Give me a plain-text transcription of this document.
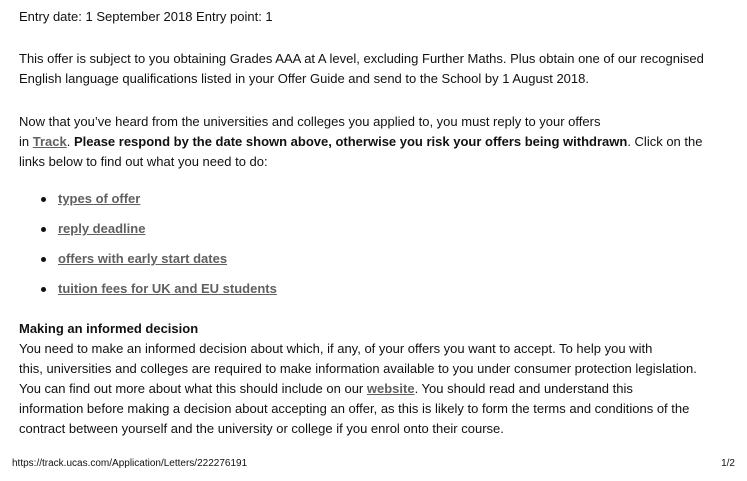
Entry date: 1 September 2018 Entry point: 1
This offer is subject to you obtaining Grades AAA at A level, excluding Further Maths. Plus obtain one of our recognised
English language qualifications listed in your Offer Guide and send to the School by 1 August 2018.
Now that you’ve heard from the universities and colleges you applied to, you must reply to your offers
in Track. Please respond by the date shown above, otherwise you risk your offers being withdrawn. Click on the
links below to find out what you need to do:
types of offer
reply deadline
offers with early start dates
tuition fees for UK and EU students
Making an informed decision
You need to make an informed decision about which, if any, of your offers you want to accept. To help you with
this, universities and colleges are required to make information available to you under consumer protection legislation.
You can find out more about what this should include on our website. You should read and understand this
information before making a decision about accepting an offer, as this is likely to form the terms and conditions of the
contract between yourself and the university or college if you enrol onto their course.
https://track.ucas.com/Application/Letters/222276191	1/2
